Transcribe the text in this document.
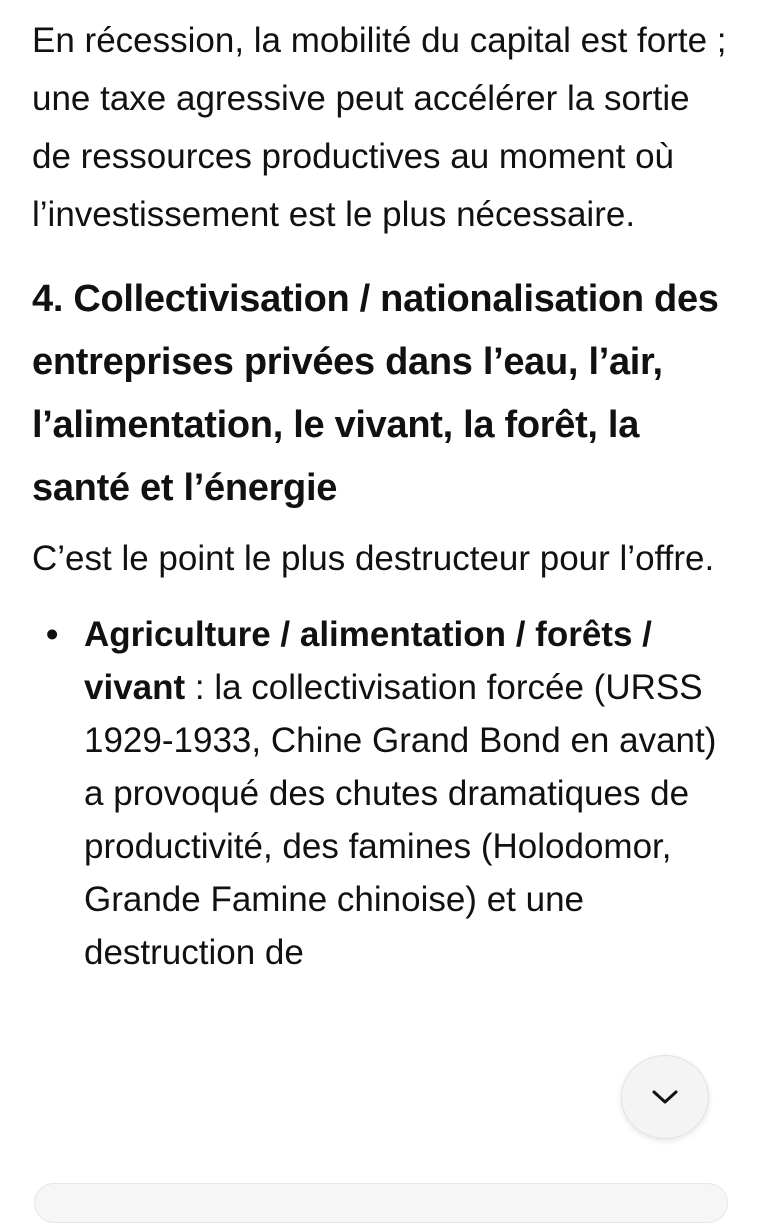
En récession, la mobilité du capital est forte ; une taxe agressive peut accélérer la sortie de ressources productives au moment où l’investissement est le plus nécessaire.

4. Collectivisation / nationalisation des entreprises privées dans l’eau, l’air, l’alimentation, le vivant, la forêt, la santé et l’énergie

C’est le point le plus destructeur pour l’offre.

• Agriculture / alimentation / forêts / vivant : la collectivisation forcée (URSS 1929-1933, Chine Grand Bond en avant) a provoqué des chutes dramatiques de productivité, des famines (Holodomor, Grande Famine chinoise) et une destruction de
